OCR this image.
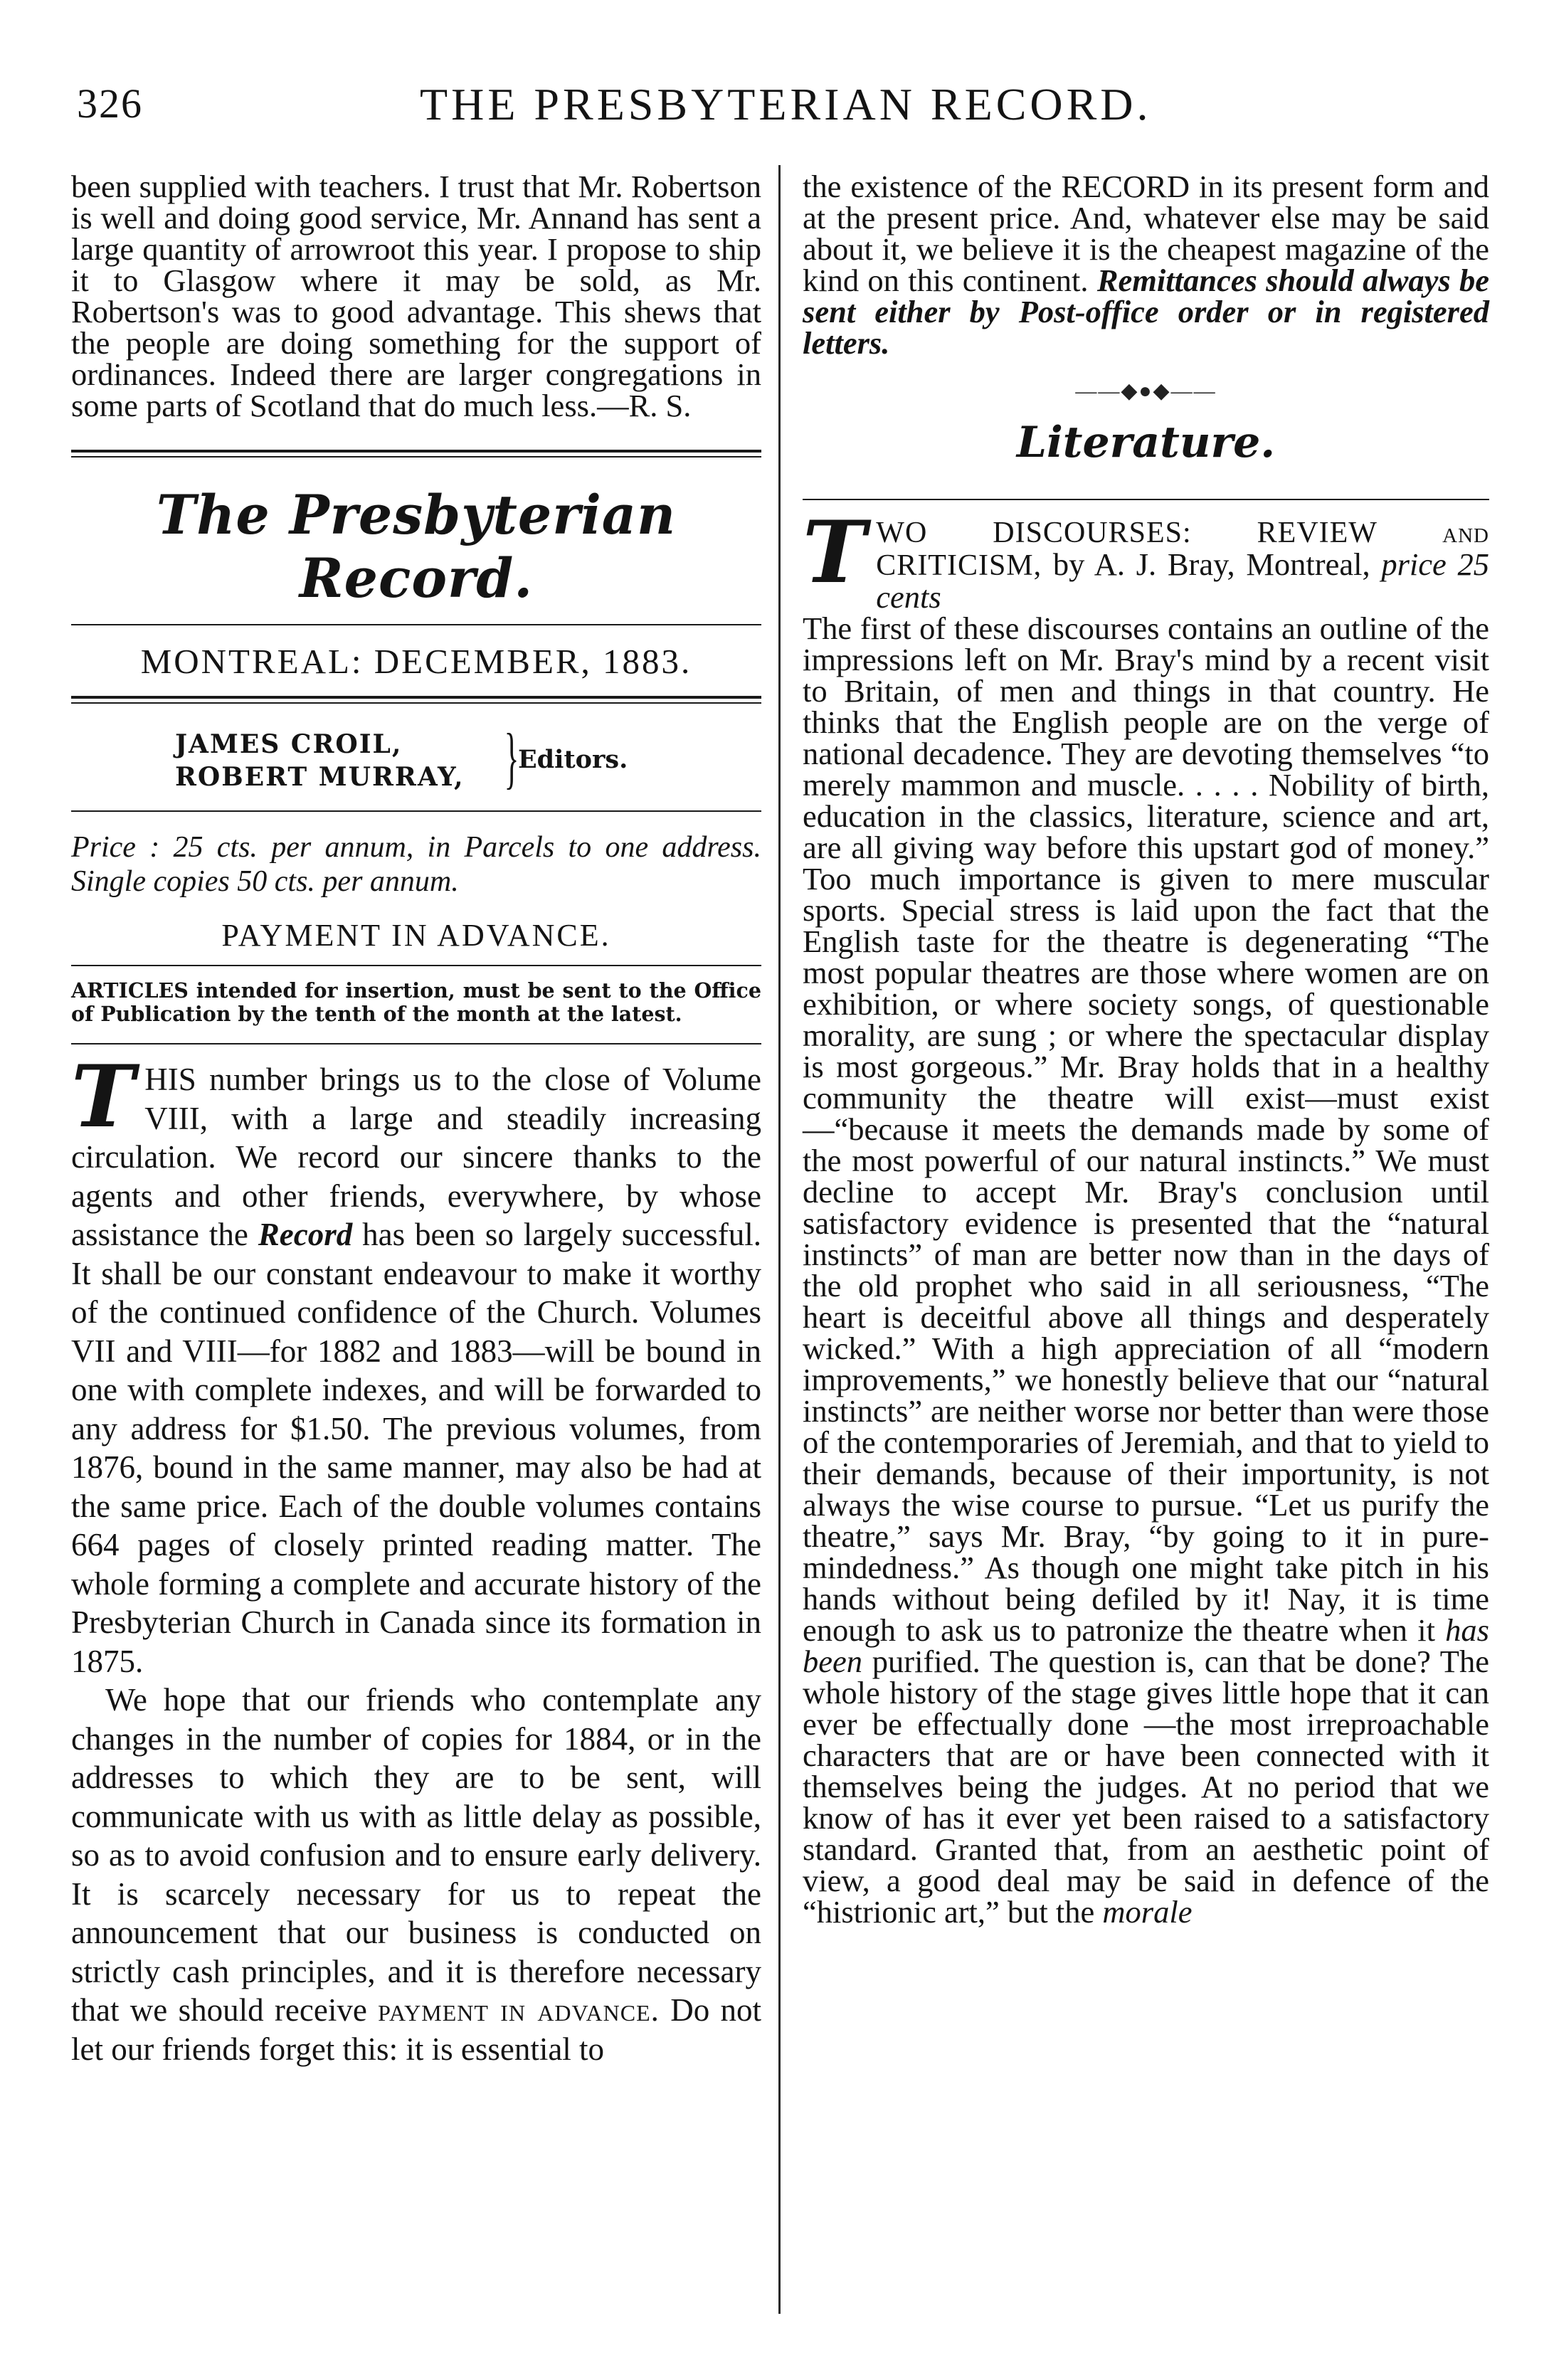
326	THE PRESBYTERIAN RECORD.

been supplied with teachers. I trust that Mr. Robertson is well and doing good service, Mr. Annand has sent a large quantity of arrowroot this year. I propose to ship it to Glasgow where it may be sold, as Mr. Robertson's was to good advantage. This shews that the people are doing something for the support of ordinances. Indeed there are larger congregations in some parts of Scotland that do much less.—R. S.

The Presbyterian Record.
MONTREAL: DECEMBER, 1883.
JAMES CROIL,
ROBERT MURRAY, }
Editors.

Price : 25 cts. per annum, in Parcels to one address. Single copies 50 cts. per annum.

PAYMENT IN ADVANCE.

ARTICLES intended for insertion, must be sent to the Office of Publication by the tenth of the month at the latest.

T HIS number brings us to the close of Volume VIII, with a large and steadily increasing circulation. We record our sincere thanks to the agents and other friends, everywhere, by whose assistance the Record has been so largely successful. It shall be our constant endeavour to make it worthy of the continued confidence of the Church. Volumes VII and VIII—for 1882 and 1883—will be bound in one with complete indexes, and will be forwarded to any address for $1.50. The previous volumes, from 1876, bound in the same manner, may also be had at the same price. Each of the double volumes contains 664 pages of closely printed reading matter. The whole forming a complete and accurate history of the Presbyterian Church in Canada since its formation in 1875.

We hope that our friends who contemplate any changes in the number of copies for 1884, or in the addresses to which they are to be sent, will communicate with us with as little delay as possible, so as to avoid confusion and to ensure early delivery. It is scarcely necessary for us to repeat the announcement that our business is conducted on strictly cash principles, and it is therefore necessary that we should receive payment in advance. Do not let our friends forget this: it is essential to

the existence of the RECORD in its present form and at the present price. And, whatever else may be said about it, we believe it is the cheapest magazine of the kind on this continent. Remittances should always be sent either by Post-office order or in registered letters.

——◆●◆——
Literature.
T WO DISCOURSES: REVIEW and CRITICISM, by A. J. Bray, Montreal, price 25 cents

The first of these discourses contains an outline of the impressions left on Mr. Bray's mind by a recent visit to Britain, of men and things in that country. He thinks that the English people are on the verge of national decadence. They are devoting themselves “to merely mammon and muscle. . . . . Nobility of birth, education in the classics, literature, science and art, are all giving way before this upstart god of money.” Too much importance is given to mere muscular sports. Special stress is laid upon the fact that the English taste for the theatre is degenerating “The most popular theatres are those where women are on exhibition, or where society songs, of questionable morality, are sung ; or where the spectacular display is most gorgeous.” Mr. Bray holds that in a healthy community the theatre will exist—must exist —“because it meets the demands made by some of the most powerful of our natural instincts.” We must decline to accept Mr. Bray's conclusion until satisfactory evidence is presented that the “natural instincts” of man are better now than in the days of the old prophet who said in all seriousness, “The heart is deceitful above all things and desperately wicked.” With a high appreciation of all “modern improvements,” we honestly believe that our “natural instincts” are neither worse nor better than were those of the contemporaries of Jeremiah, and that to yield to their demands, because of their importunity, is not always the wise course to pursue. “Let us purify the theatre,” says Mr. Bray, “by going to it in pure-mindedness.” As though one might take pitch in his hands without being defiled by it! Nay, it is time enough to ask us to patronize the theatre when it has been purified. The question is, can that be done? The whole history of the stage gives little hope that it can ever be effectually done —the most irreproachable characters that are or have been connected with it themselves being the judges. At no period that we know of has it ever yet been raised to a satisfactory standard. Granted that, from an aesthetic point of view, a good deal may be said in defence of the “histrionic art,” but the morale
